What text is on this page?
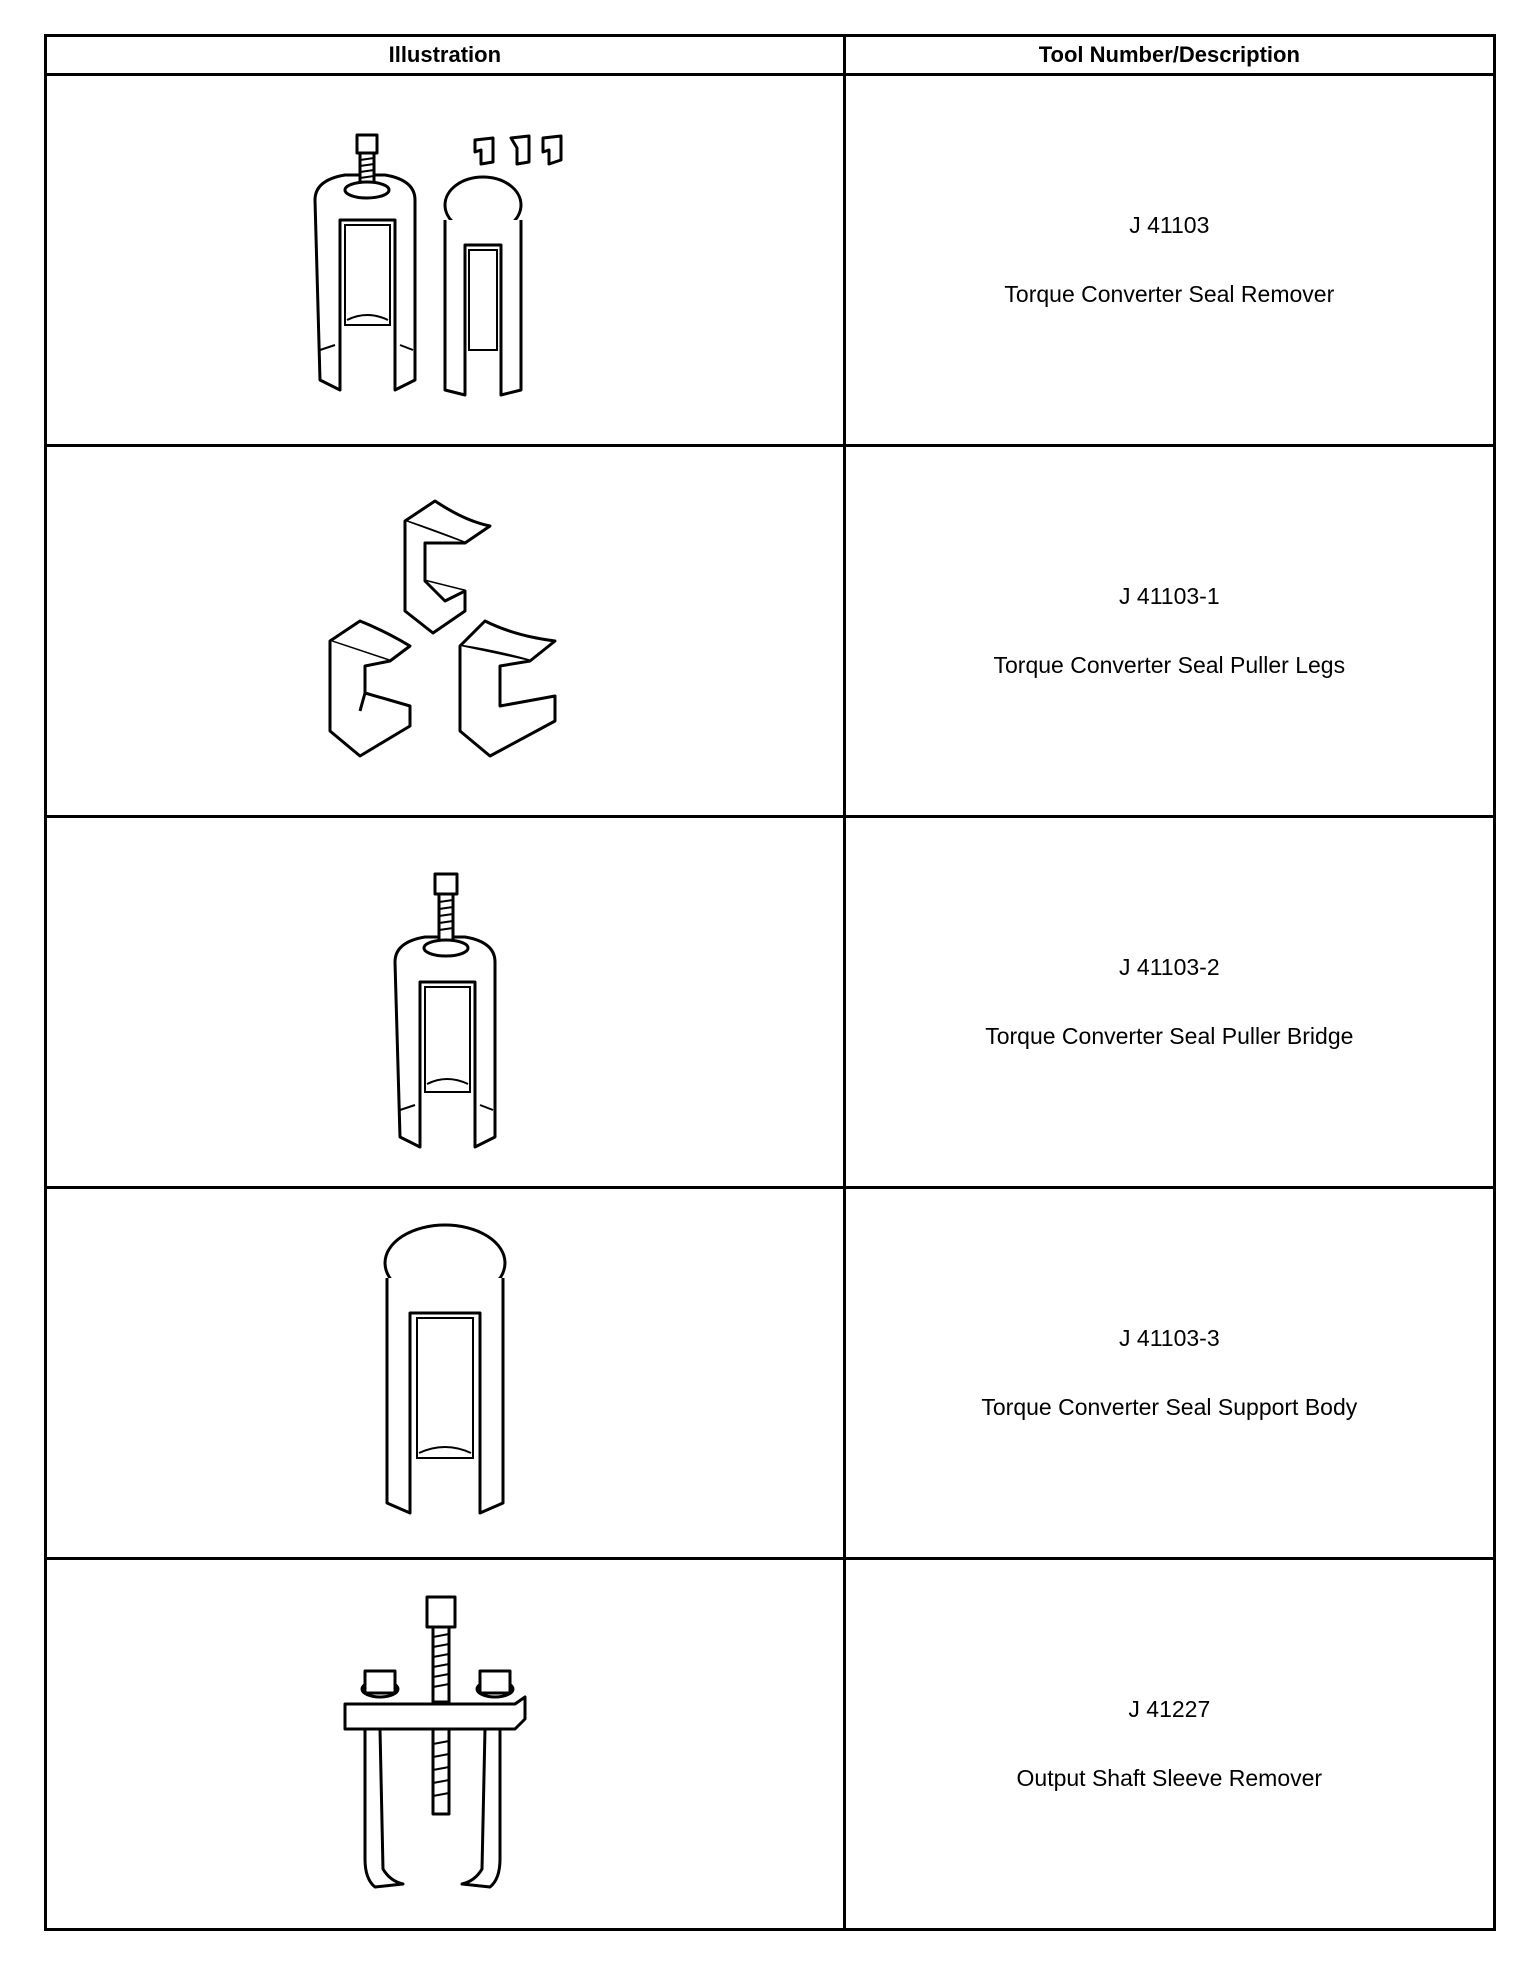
Illustration	Tool Number/Description

J 41103
Torque Converter Seal Remover

J 41103-1
Torque Converter Seal Puller Legs

J 41103-2
Torque Converter Seal Puller Bridge

J 41103-3
Torque Converter Seal Support Body

J 41227
Output Shaft Sleeve Remover
